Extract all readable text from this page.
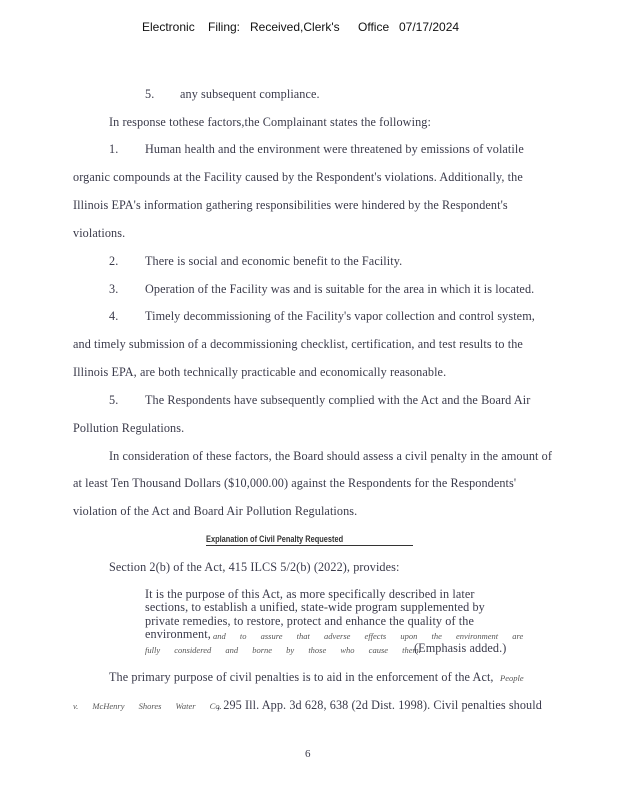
Electronic Filing: Received,Clerk's Office 07/17/2024
5. any subsequent compliance.
In response tothese factors,the Complainant states the following:
1. Human health and the environment were threatened by emissions of volatile
organic compounds at the Facility caused by the Respondent's violations. Additionally, the
Illinois EPA's information gathering responsibilities were hindered by the Respondent's
violations.
2. There is social and economic benefit to the Facility.
3. Operation of the Facility was and is suitable for the area in which it is located.
4. Timely decommissioning of the Facility's vapor collection and control system,
and timely submission of a decommissioning checklist, certification, and test results to the
Illinois EPA, are both technically practicable and economically reasonable.
5. The Respondents have subsequently complied with the Act and the Board Air
Pollution Regulations.
In consideration of these factors, the Board should assess a civil penalty in the amount of
at least Ten Thousand Dollars ($10,000.00) against the Respondents for the Respondents'
violation of the Act and Board Air Pollution Regulations.
Explanation of Civil Penalty Requested
Section 2(b) of the Act, 415 ILCS 5/2(b) (2022), provides:
It is the purpose of this Act, as more specifically described in later
sections, to establish a unified, state-wide program supplemented by
private remedies, to restore, protect and enhance the quality of the
environment, and to assure that adverse effects upon the environment are
fully considered and borne by those who cause them.
(Emphasis added.)
The primary purpose of civil penalties is to aid in the enforcement of the Act, People
v. McHenry Shores Water Co.
, 295 Ill. App. 3d 628, 638 (2d Dist. 1998). Civil penalties should
6
